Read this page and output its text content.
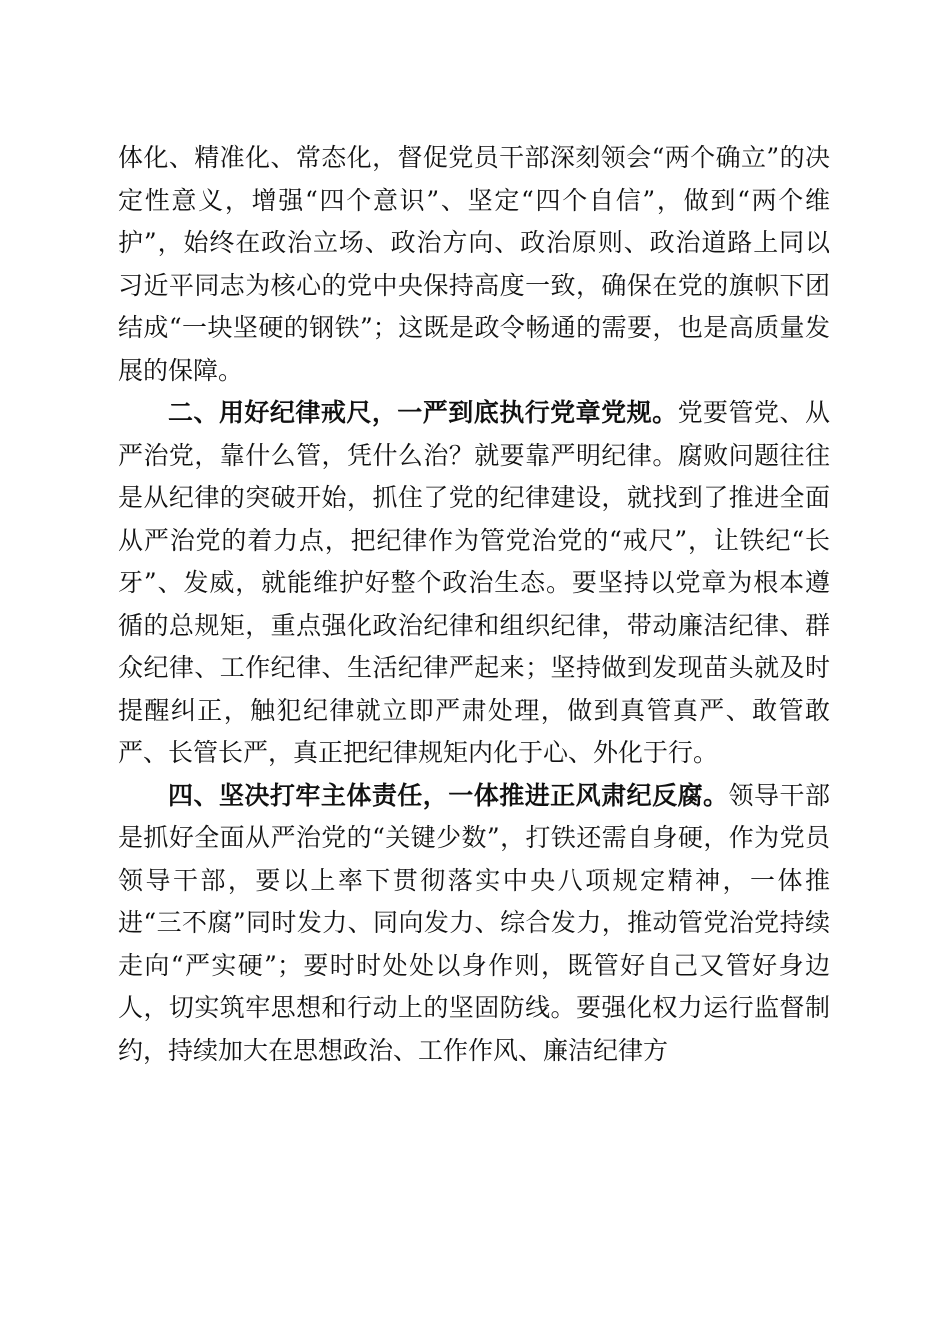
体化、精准化、常态化，督促党员干部深刻领会“两个确立”的决定性意义，增强“四个意识”、坚定“四个自信”，做到“两个维护”，始终在政治立场、政治方向、政治原则、政治道路上同以习近平同志为核心的党中央保持高度一致，确保在党的旗帜下团结成“一块坚硬的钢铁”；这既是政令畅通的需要，也是高质量发展的保障。

二、用好纪律戒尺，一严到底执行党章党规。党要管党、从严治党，靠什么管，凭什么治？就要靠严明纪律。腐败问题往往是从纪律的突破开始，抓住了党的纪律建设，就找到了推进全面从严治党的着力点，把纪律作为管党治党的“戒尺”，让铁纪“长牙”、发威，就能维护好整个政治生态。要坚持以党章为根本遵循的总规矩，重点强化政治纪律和组织纪律，带动廉洁纪律、群众纪律、工作纪律、生活纪律严起来；坚持做到发现苗头就及时提醒纠正，触犯纪律就立即严肃处理，做到真管真严、敢管敢严、长管长严，真正把纪律规矩内化于心、外化于行。

四、坚决打牢主体责任，一体推进正风肃纪反腐。领导干部是抓好全面从严治党的“关键少数”，打铁还需自身硬，作为党员领导干部，要以上率下贯彻落实中央八项规定精神，一体推进“三不腐”同时发力、同向发力、综合发力，推动管党治党持续走向“严实硬”；要时时处处以身作则，既管好自己又管好身边人，切实筑牢思想和行动上的坚固防线。要强化权力运行监督制约，持续加大在思想政治、工作作风、廉洁纪律方
